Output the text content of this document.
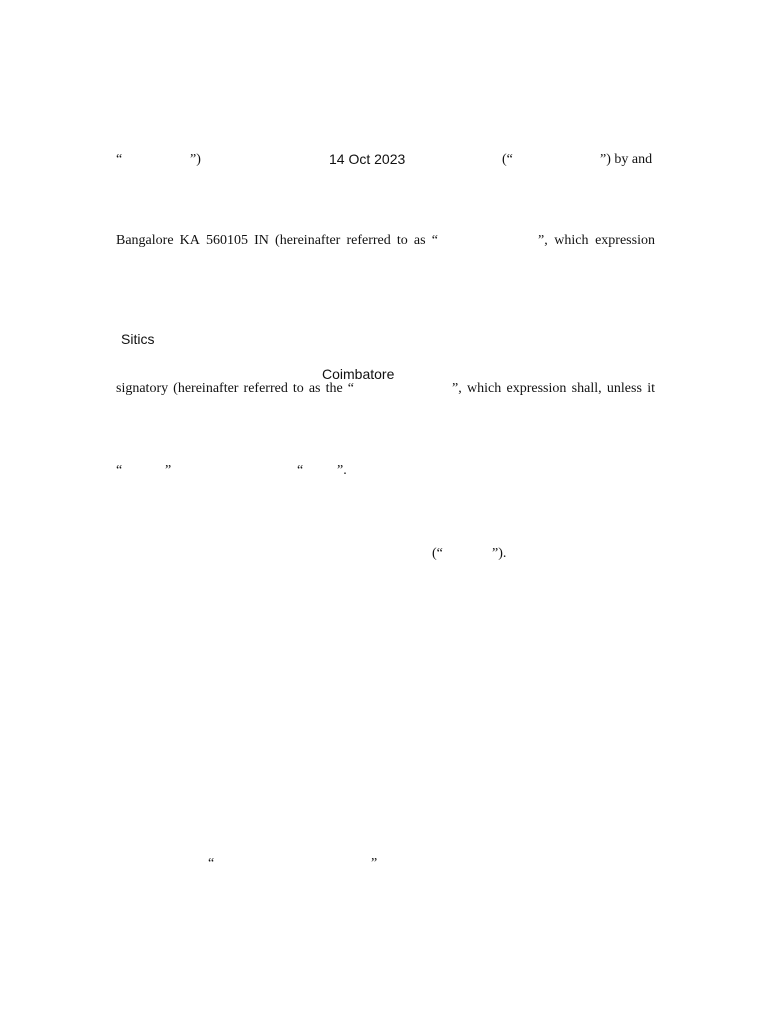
“	”)	14 Oct 2023	(“	”) by and
Bangalore KA 560105 IN (hereinafter referred to as “	”, which expression
Sitics
Coimbatore
signatory (hereinafter referred to as the “	”, which expression shall, unless it
“	”	“ ”.
(“	”).
“	”
